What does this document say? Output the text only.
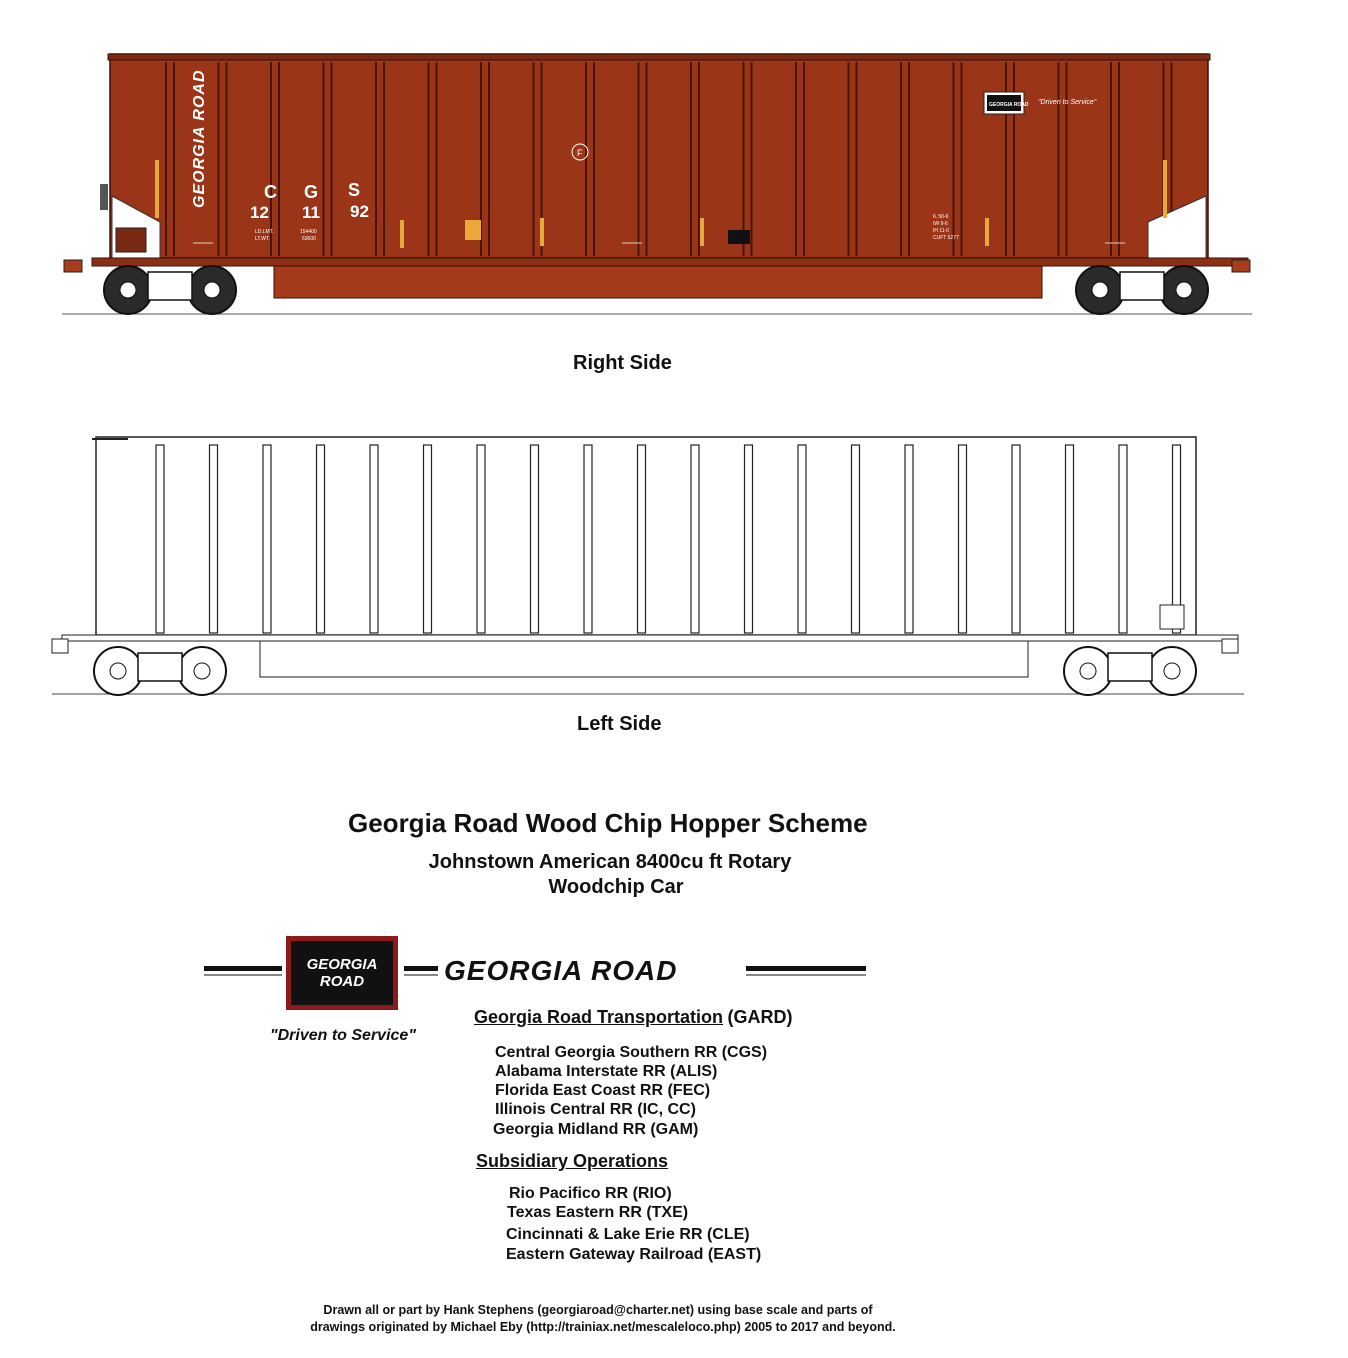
GEORGIA ROAD	C G S
12 11 92
LD.LMT.
LT.WT.
154400
63600
IL 50-6
IW 9-6
IH 11-0
CUFT 5277
F
GEORGIA ROAD "Driven to Service"
Right Side
Left Side
Georgia Road Wood Chip Hopper Scheme
Johnstown American 8400cu ft Rotary
Woodchip Car
GEORGIA
ROAD	GEORGIA ROAD
"Driven to Service"
Georgia Road Transportation (GARD)
Central Georgia Southern RR (CGS)
Alabama Interstate RR (ALIS)
Florida East Coast RR (FEC)
Illinois Central RR (IC, CC)
Georgia Midland RR (GAM)
Subsidiary Operations
Rio Pacifico RR (RIO)
Texas Eastern RR (TXE)
Cincinnati & Lake Erie RR (CLE)
Eastern Gateway Railroad (EAST)
Drawn all or part by Hank Stephens (georgiaroad@charter.net) using base scale and parts of
drawings originated by Michael Eby (http://trainiax.net/mescaleloco.php) 2005 to 2017 and beyond.
